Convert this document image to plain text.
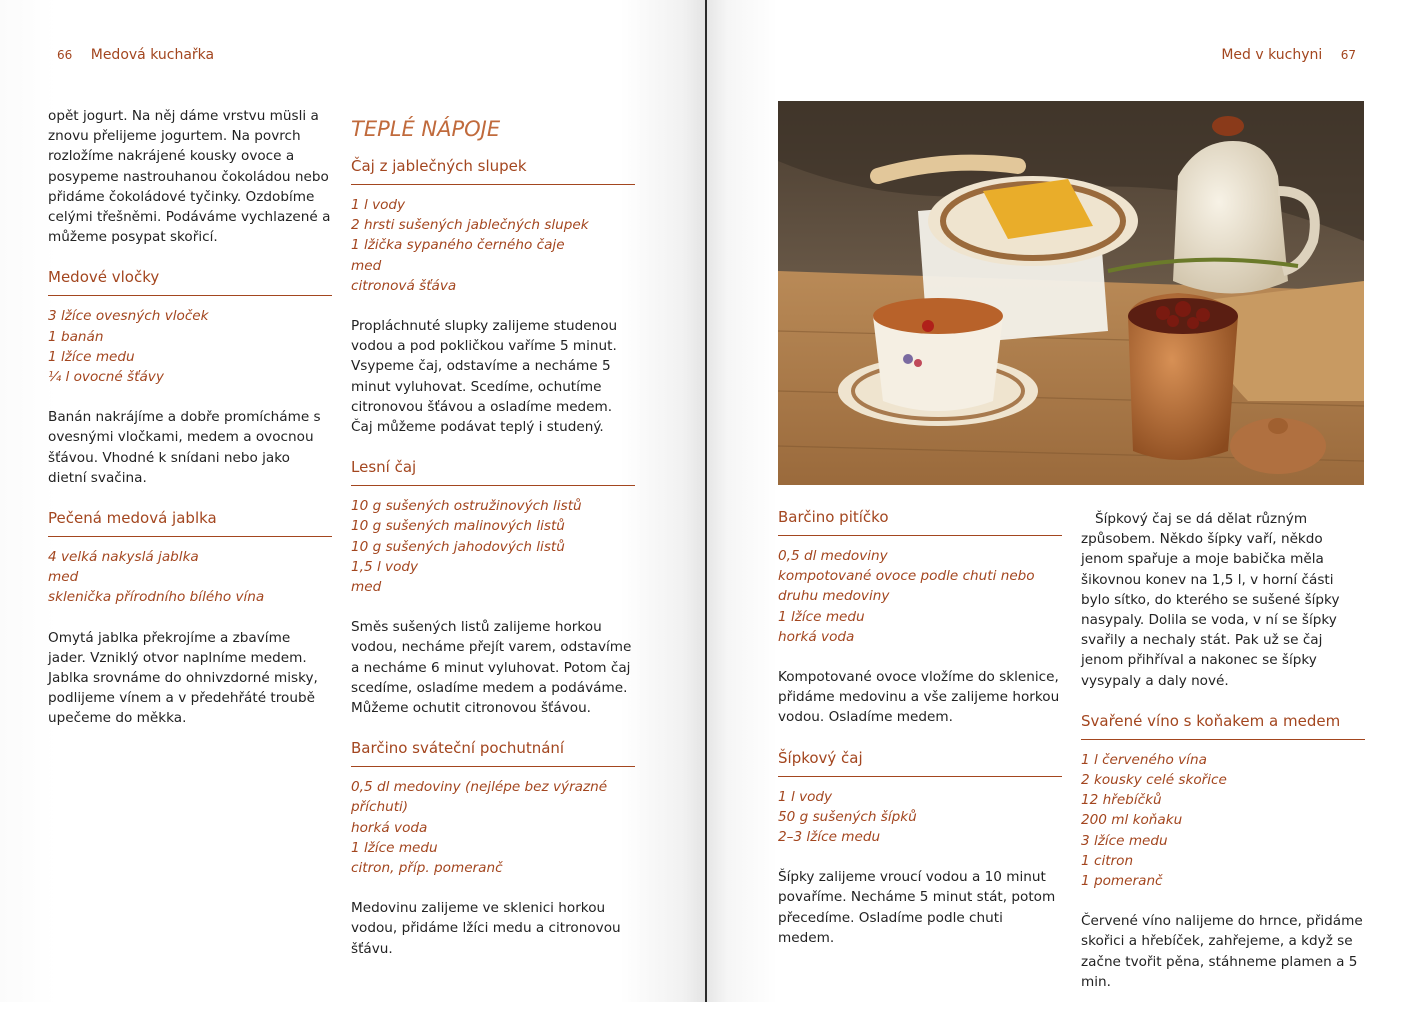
66 Medová kuchařka

opět jogurt. Na něj dáme vrstvu müsli a znovu přelijeme jogurtem. Na povrch rozložíme nakrájené kousky ovoce a posypeme nastrouhanou čokoládou nebo přidáme čokoládové tyčinky. Ozdobíme celými třešněmi. Podáváme vychlazené a můžeme posypat skořicí.

Medové vločky
3 lžíce ovesných vloček
1 banán
1 lžíce medu
¼ l ovocné šťávy

Banán nakrájíme a dobře promícháme s ovesnými vločkami, medem a ovocnou šťávou. Vhodné k snídani nebo jako dietní svačina.

Pečená medová jablka
4 velká nakyslá jablka
med
sklenička přírodního bílého vína

Omytá jablka překrojíme a zbavíme jader. Vzniklý otvor naplníme medem. Jablka srovnáme do ohnivzdorné misky, podlijeme vínem a v předehřáté troubě upečeme do měkka.

TEPLÉ NÁPOJE
Čaj z jablečných slupek
1 l vody
2 hrsti sušených jablečných slupek
1 lžička sypaného černého čaje
med
citronová šťáva

Propláchnuté slupky zalijeme studenou vodou a pod pokličkou vaříme 5 minut. Vsypeme čaj, odstavíme a necháme 5 minut vyluhovat. Scedíme, ochutíme citronovou šťávou a osladíme medem. Čaj můžeme podávat teplý i studený.

Lesní čaj
10 g sušených ostružinových listů
10 g sušených malinových listů
10 g sušených jahodových listů
1,5 l vody
med

Směs sušených listů zalijeme horkou vodou, necháme přejít varem, odstavíme a necháme 6 minut vyluhovat. Potom čaj scedíme, osladíme medem a podáváme. Můžeme ochutit citronovou šťávou.

Barčino sváteční pochutnání
0,5 dl medoviny (nejlépe bez výrazné příchuti)
horká voda
1 lžíce medu
citron, příp. pomeranč

Medovinu zalijeme ve sklenici horkou vodou, přidáme lžíci medu a citronovou šťávu.

Med v kuchyni 67
Barčino pitíčko
0,5 dl medoviny
kompotované ovoce podle chuti nebo druhu medoviny
1 lžíce medu
horká voda

Kompotované ovoce vložíme do sklenice, přidáme medovinu a vše zalijeme horkou vodou. Osladíme medem.

Šípkový čaj
1 l vody
50 g sušených šípků
2–3 lžíce medu

Šípky zalijeme vroucí vodou a 10 minut povaříme. Necháme 5 minut stát, potom přecedíme. Osladíme podle chuti medem.

Šípkový čaj se dá dělat různým způsobem. Někdo šípky vaří, někdo jenom spařuje a moje babička měla šikovnou konev na 1,5 l, v horní části bylo sítko, do kterého se sušené šípky nasypaly. Dolila se voda, v ní se šípky svařily a nechaly stát. Pak už se čaj jenom přihříval a nakonec se šípky vysypaly a daly nové.

Svařené víno s koňakem a medem
1 l červeného vína
2 kousky celé skořice
12 hřebíčků
200 ml koňaku
3 lžíce medu
1 citron
1 pomeranč

Červené víno nalijeme do hrnce, přidáme skořici a hřebíček, zahřejeme, a když se začne tvořit pěna, stáhneme plamen a 5 min.
